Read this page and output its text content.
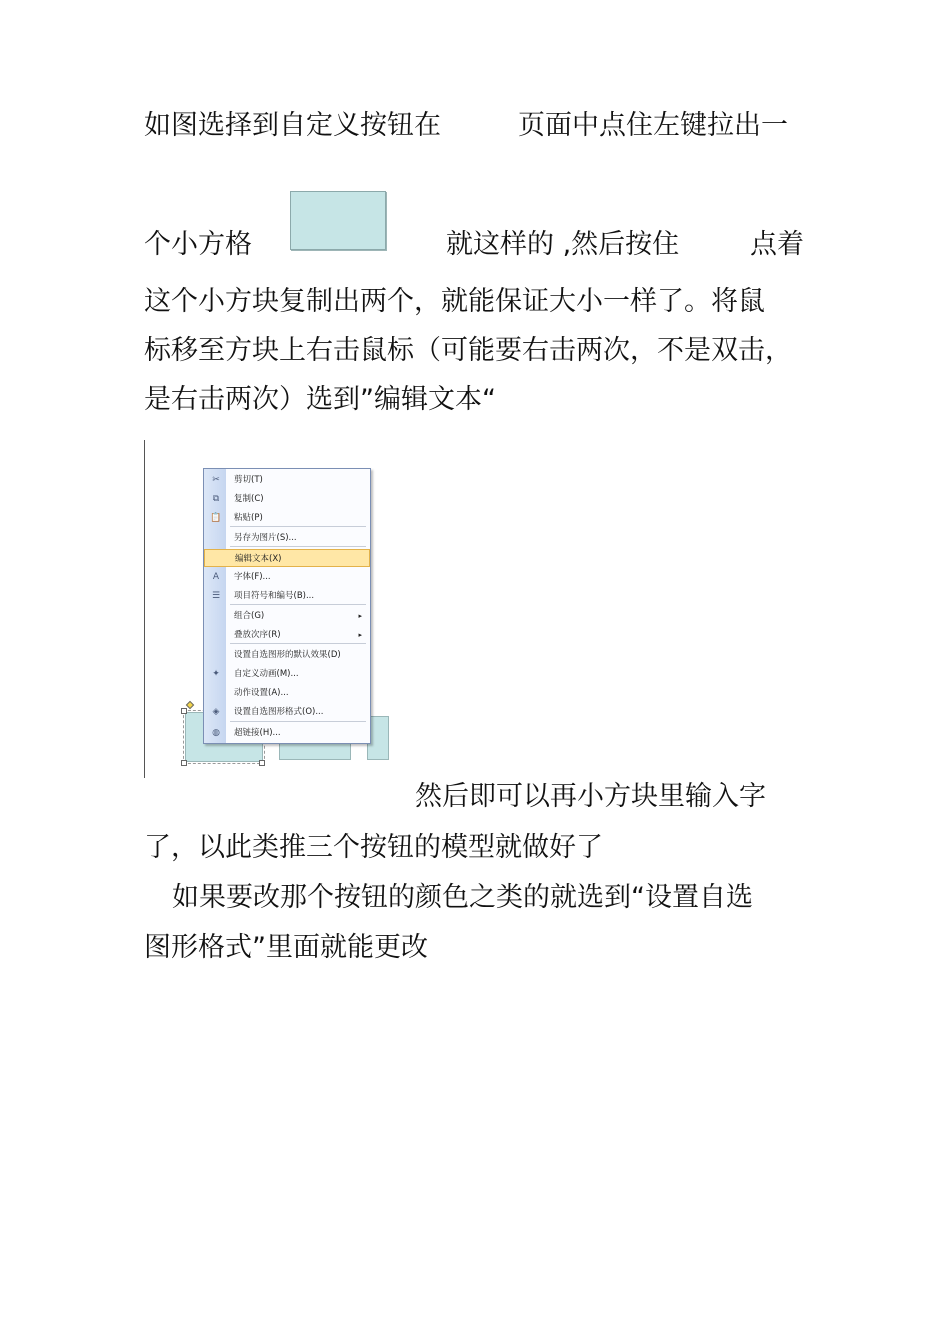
如图选择到自定义按钮在	页面中点住左键拉出一
个小方格	就这样的 ,然后按住	点着
这个小方块复制出两个，就能保证大小一样了。将鼠
标移至方块上右击鼠标（可能要右击两次，不是双击，
是右击两次）选到”编辑文本“
✂ 剪切(T)
⧉	复制(C)
📋 粘贴(P)
另存为图片(S)...
编辑文本(X)
A	字体(F)...
☰ 项目符号和编号(B)...
组合(G)	▸
叠放次序(R)	▸
设置自选图形的默认效果(D)
✦ 自定义动画(M)...
动作设置(A)...
◈ 设置自选图形格式(O)...
◍ 超链接(H)...
然后即可以再小方块里输入字
了，以此类推三个按钮的模型就做好了
如果要改那个按钮的颜色之类的就选到“设置自选
图形格式”里面就能更改
